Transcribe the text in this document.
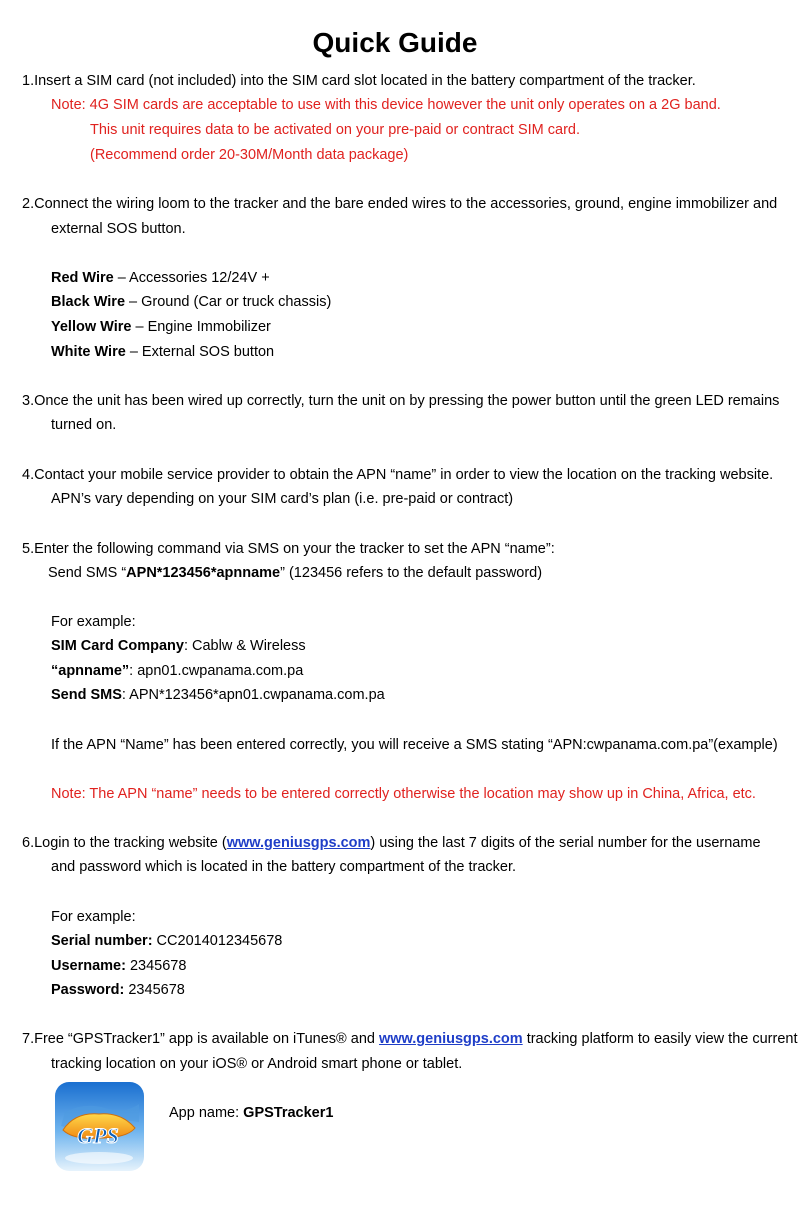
Quick Guide
1.Insert a SIM card (not included) into the SIM card slot located in the battery compartment of the tracker.
Note: 4G SIM cards are acceptable to use with this device however the unit only operates on a 2G band.
This unit requires data to be activated on your pre-paid or contract SIM card.
(Recommend order 20-30M/Month data package)
2.Connect the wiring loom to the tracker and the bare ended wires to the accessories, ground, engine immobilizer and
external SOS button.
Red Wire – Accessories 12/24V +
Black Wire – Ground (Car or truck chassis)
Yellow Wire – Engine Immobilizer
White Wire – External SOS button
3.Once the unit has been wired up correctly, turn the unit on by pressing the power button until the green LED remains
turned on.
4.Contact your mobile service provider to obtain the APN “name” in order to view the location on the tracking website.
APN’s vary depending on your SIM card’s plan (i.e. pre-paid or contract)
5.Enter the following command via SMS on your the tracker to set the APN “name”:
Send SMS “APN*123456*apnname” (123456 refers to the default password)
For example:
SIM Card Company: Cablw & Wireless
“apnname”: apn01.cwpanama.com.pa
Send SMS: APN*123456*apn01.cwpanama.com.pa
If the APN “Name” has been entered correctly, you will receive a SMS stating “APN:cwpanama.com.pa”(example)
Note: The APN “name” needs to be entered correctly otherwise the location may show up in China, Africa, etc.
6.Login to the tracking website (www.geniusgps.com) using the last 7 digits of the serial number for the username
and password which is located in the battery compartment of the tracker.
For example:
Serial number: CC2014012345678
Username: 2345678
Password: 2345678
7.Free “GPSTracker1” app is available on iTunes® and www.geniusgps.com tracking platform to easily view the current
tracking location on your iOS® or Android smart phone or tablet.
GPS
App name: GPSTracker1
